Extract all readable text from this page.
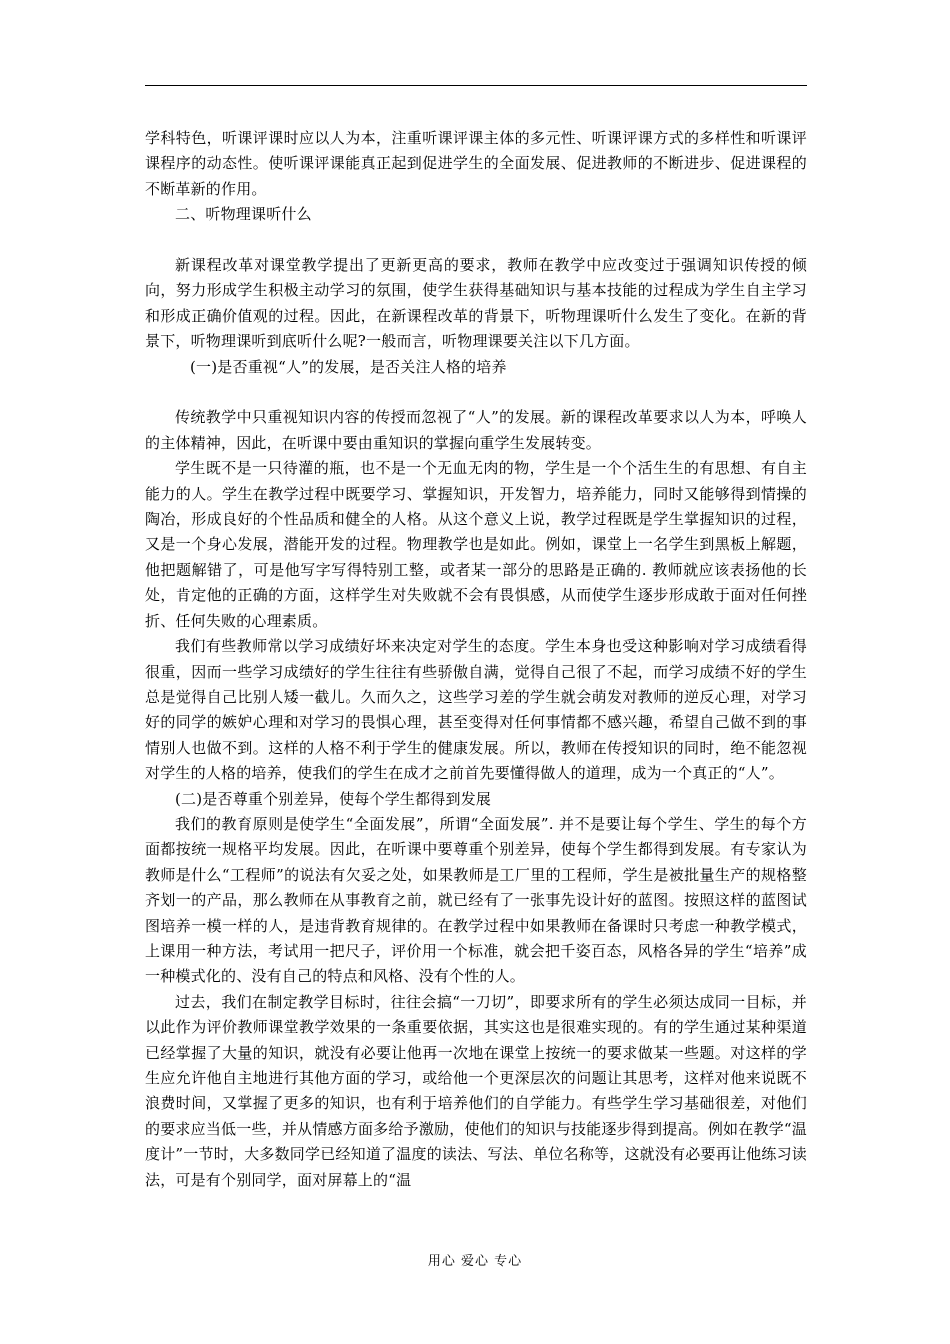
学科特色，听课评课时应以人为本，注重听课评课主体的多元性、听课评课方式的多样性和听课评课程序的动态性。使听课评课能真正起到促进学生的全面发展、促进教师的不断进步、促进课程的不断革新的作用。

二、听物理课听什么

新课程改革对课堂教学提出了更新更高的要求，教师在教学中应改变过于强调知识传授的倾向，努力形成学生积极主动学习的氛围，使学生获得基础知识与基本技能的过程成为学生自主学习和形成正确价值观的过程。因此，在新课程改革的背景下，听物理课听什么发生了变化。在新的背景下，听物理课听到底听什么呢?一般而言，听物理课要关注以下几方面。

(一)是否重视“人”的发展，是否关注人格的培养

传统教学中只重视知识内容的传授而忽视了“人”的发展。新的课程改革要求以人为本，呼唤人的主体精神，因此，在听课中要由重知识的掌握向重学生发展转变。

学生既不是一只待灌的瓶，也不是一个无血无肉的物，学生是一个个活生生的有思想、有自主能力的人。学生在教学过程中既要学习、掌握知识，开发智力，培养能力，同时又能够得到情操的陶冶，形成良好的个性品质和健全的人格。从这个意义上说，教学过程既是学生掌握知识的过程，又是一个身心发展，潜能开发的过程。物理教学也是如此。例如，课堂上一名学生到黑板上解题，他把题解错了，可是他写字写得特别工整，或者某一部分的思路是正确的. 教师就应该表扬他的长处，肯定他的正确的方面，这样学生对失败就不会有畏惧感，从而使学生逐步形成敢于面对任何挫折、任何失败的心理素质。

我们有些教师常以学习成绩好坏来决定对学生的态度。学生本身也受这种影响对学习成绩看得很重，因而一些学习成绩好的学生往往有些骄傲自满，觉得自己很了不起，而学习成绩不好的学生总是觉得自己比别人矮一截儿。久而久之，这些学习差的学生就会萌发对教师的逆反心理，对学习好的同学的嫉妒心理和对学习的畏惧心理，甚至变得对任何事情都不感兴趣，希望自己做不到的事情别人也做不到。这样的人格不利于学生的健康发展。所以，教师在传授知识的同时，绝不能忽视对学生的人格的培养，使我们的学生在成才之前首先要懂得做人的道理，成为一个真正的“人”。

(二)是否尊重个别差异，使每个学生都得到发展

我们的教育原则是使学生“全面发展”，所谓“全面发展”. 并不是要让每个学生、学生的每个方面都按统一规格平均发展。因此，在听课中要尊重个别差异，使每个学生都得到发展。有专家认为教师是什么“工程师”的说法有欠妥之处，如果教师是工厂里的工程师，学生是被批量生产的规格整齐划一的产品，那么教师在从事教育之前，就已经有了一张事先设计好的蓝图。按照这样的蓝图试图培养一模一样的人，是违背教育规律的。在教学过程中如果教师在备课时只考虑一种教学模式，上课用一种方法，考试用一把尺子，评价用一个标准，就会把千姿百态，风格各异的学生“培养”成一种模式化的、没有自己的特点和风格、没有个性的人。

过去，我们在制定教学目标时，往往会搞“一刀切”，即要求所有的学生必须达成同一目标，并以此作为评价教师课堂教学效果的一条重要依据，其实这也是很难实现的。有的学生通过某种渠道已经掌握了大量的知识，就没有必要让他再一次地在课堂上按统一的要求做某一些题。对这样的学生应允许他自主地进行其他方面的学习，或给他一个更深层次的问题让其思考，这样对他来说既不浪费时间，又掌握了更多的知识，也有利于培养他们的自学能力。有些学生学习基础很差，对他们的要求应当低一些，并从情感方面多给予激励，使他们的知识与技能逐步得到提高。例如在教学“温度计”一节时，大多数同学已经知道了温度的读法、写法、单位名称等，这就没有必要再让他练习读法，可是有个别同学，面对屏幕上的“温

用心 爱心 专心
